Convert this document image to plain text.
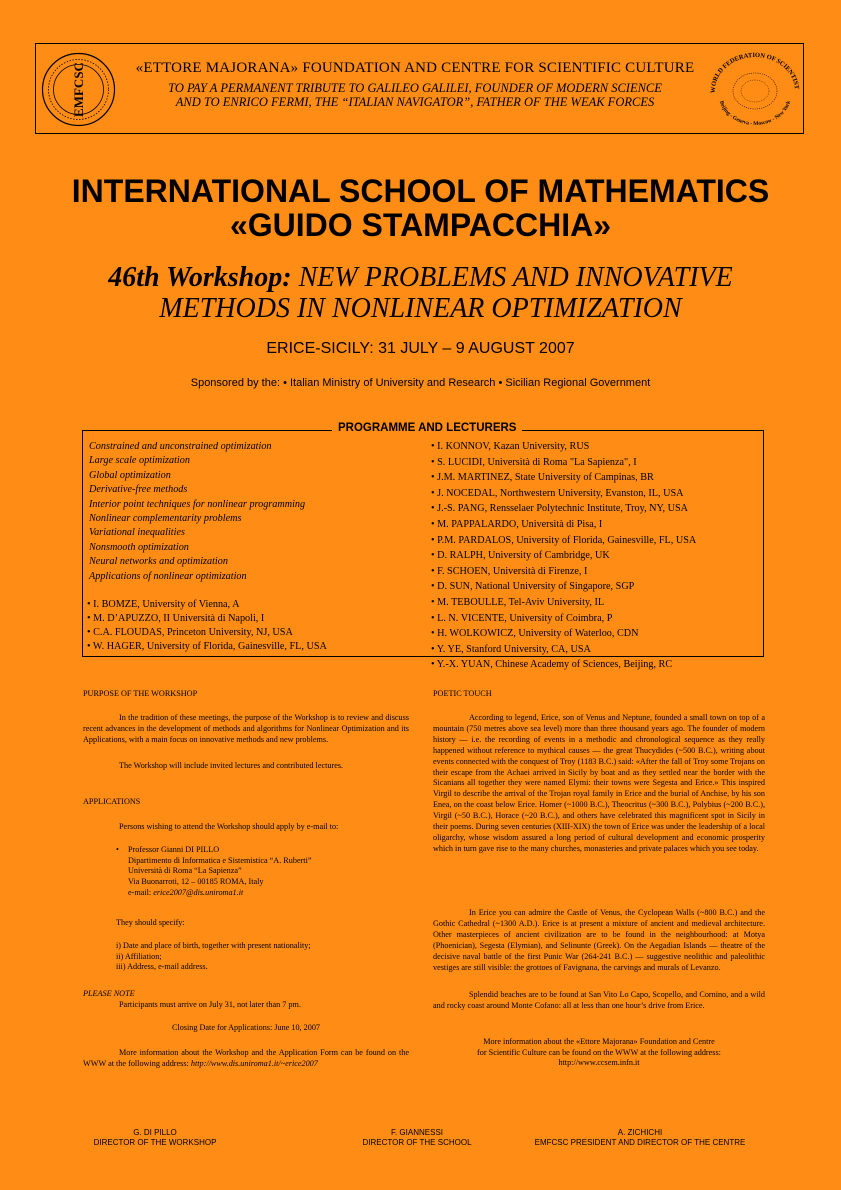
EMFCSC	WORLD FEDERATION OF SCIENTIST
Beijing - Geneva - Moscow - New York
«ETTORE MAJORANA» FOUNDATION AND CENTRE FOR SCIENTIFIC CULTURE
TO PAY A PERMANENT TRIBUTE TO GALILEO GALILEI, FOUNDER OF MODERN SCIENCE
AND TO ENRICO FERMI, THE “ITALIAN NAVIGATOR”, FATHER OF THE WEAK FORCES
INTERNATIONAL SCHOOL OF MATHEMATICS
«GUIDO STAMPACCHIA»
46th Workshop: NEW PROBLEMS AND INNOVATIVE
METHODS IN NONLINEAR OPTIMIZATION
ERICE-SICILY: 31 JULY – 9 AUGUST 2007
Sponsored by the: • Italian Ministry of University and Research • Sicilian Regional Government
PROGRAMME AND LECTURERS
Constrained and unconstrained optimization
Large scale optimization
Global optimization
Derivative-free methods
Interior point techniques for nonlinear programming
Nonlinear complementarity problems
Variational inequalities
Nonsmooth optimization
Neural networks and optimization
Applications of nonlinear optimization
• I. BOMZE, University of Vienna, A
• M. D’APUZZO, II Università di Napoli, I
• C.A. FLOUDAS, Princeton University, NJ, USA
• W. HAGER, University of Florida, Gainesville, FL, USA
• I. KONNOV, Kazan University, RUS
• S. LUCIDI, Università di Roma "La Sapienza", I
• J.M. MARTINEZ, State University of Campinas, BR
• J. NOCEDAL, Northwestern University, Evanston, IL, USA
• J.-S. PANG, Rensselaer Polytechnic Institute, Troy, NY, USA
• M. PAPPALARDO, Università di Pisa, I
• P.M. PARDALOS, University of Florida, Gainesville, FL, USA
• D. RALPH, University of Cambridge, UK
• F. SCHOEN, Università di Firenze, I
• D. SUN, National University of Singapore, SGP
• M. TEBOULLE, Tel-Aviv University, IL
• L. N. VICENTE, University of Coimbra, P
• H. WOLKOWICZ, University of Waterloo, CDN
• Y. YE, Stanford University, CA, USA
• Y.-X. YUAN, Chinese Academy of Sciences, Beijing, RC
PURPOSE OF THE WORKSHOP
In the tradition of these meetings, the purpose of the Workshop is to review and discuss recent advances in the development of methods and algorithms for Nonlinear Optimization and its Applications, with a main focus on innovative methods and new problems.
The Workshop will include invited lectures and contributed lectures.
APPLICATIONS
Persons wishing to attend the Workshop should apply by e-mail to:
• Professor Gianni DI PILLO
Dipartimento di Informatica e Sistemistica “A. Ruberti”
Università di Roma “La Sapienza”
Via Buonarroti, 12 – 00185 ROMA, Italy
e-mail: erice2007@dis.uniroma1.it
They should specify:
i) Date and place of birth, together with present nationality;
ii) Affiliation;
iii) Address, e-mail address.
PLEASE NOTE
Participants must arrive on July 31, not later than 7 pm.
Closing Date for Applications: June 10, 2007
More information about the Workshop and the Application Form can be found on the WWW at the following address: http://www.dis.uniroma1.it/~erice2007
POETIC TOUCH
According to legend, Erice, son of Venus and Neptune, founded a small town on top of a mountain (750 metres above sea level) more than three thousand years ago. The founder of modern history — i.e. the recording of events in a methodic and chronological sequence as they really happened without reference to mythical causes — the great Thucydides (~500 B.C.), writing about events connected with the conquest of Troy (1183 B.C.) said: «After the fall of Troy some Trojans on their escape from the Achaei arrived in Sicily by boat and as they settled near the border with the Sicanians all together they were named Elymi: their towns were Segesta and Erice.» This inspired Virgil to describe the arrival of the Trojan royal family in Erice and the burial of Anchise, by his son Enea, on the coast below Erice. Homer (~1000 B.C.), Theocritus (~300 B.C.), Polybius (~200 B.C.), Virgil (~50 B.C.), Horace (~20 B.C.), and others have celebrated this magnificent spot in Sicily in their poems. During seven centuries (XIII-XIX) the town of Erice was under the leadership of a local oligarchy, whose wisdom assured a long period of cultural development and economic prosperity which in turn gave rise to the many churches, monasteries and private palaces which you see today.
In Erice you can admire the Castle of Venus, the Cyclopean Walls (~800 B.C.) and the Gothic Cathedral (~1300 A.D.). Erice is at present a mixture of ancient and medieval architecture. Other masterpieces of ancient civilization are to be found in the neighbourhood: at Motya (Phoenician), Segesta (Elymian), and Selinunte (Greek). On the Aegadian Islands — theatre of the decisive naval battle of the first Punic War (264-241 B.C.) — suggestive neolithic and paleolithic vestiges are still visible: the grottoes of Favignana, the carvings and murals of Levanzo.
Splendid beaches are to be found at San Vito Lo Capo, Scopello, and Cornino, and a wild and rocky coast around Monte Cofano: all at less than one hour’s drive from Erice.
More information about the «Ettore Majorana» Foundation and Centre
for Scientific Culture can be found on the WWW at the following address:
http://www.ccsem.infn.it
G. DI PILLO
DIRECTOR OF THE WORKSHOP
F. GIANNESSI
DIRECTOR OF THE SCHOOL
A. ZICHICHI
EMFCSC PRESIDENT AND DIRECTOR OF THE CENTRE
